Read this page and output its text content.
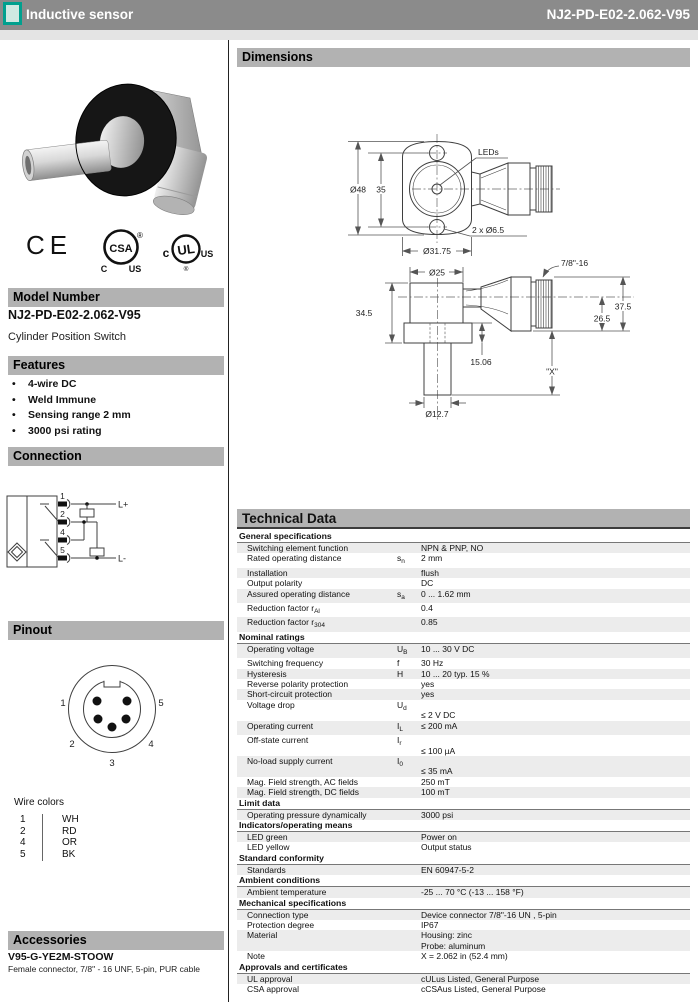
Inductive sensor	NJ2-PD-E02-2.062-V95
CE	CSA
®
C US
UL
c	US
®
Model Number
NJ2-PD-E02-2.062-V95
Cylinder Position Switch
Features
•	4-wire DC
•	Weld Immune
•	Sensing range 2 mm
•	3000 psi rating
Connection
1
2
4
5
L+
L-
Pinout
1	5
2	4
3
Wire colors
1	WH
2	RD
4	OR
5	BK
Accessories
V95-G-YE2M-STOOW
Female connector, 7/8" - 16 UNF, 5-pin, PUR cable
Dimensions
LEDs
Ø48 35
Ø31.75
2 x Ø6.5
7/8"-16
Ø25
34.5
37.5
26.5
15.06
"X"
Ø12.7
Technical Data
General specifications
Switching element function	NPN & PNP, NO
Rated operating distance	$s_n$	2 mm
Installation	flush
Output polarity	DC
Assured operating distance	$s_a$	0 ... 1.62 mm
Reduction factor $r_{Al}$	0.4
Reduction factor $r_{304}$	0.85
Nominal ratings
Operating voltage	$U_B$	10 ... 30 V DC
Switching frequency	f	30 Hz
Hysteresis	H	10 ... 20 typ. 15 %
Reverse polarity protection	yes
Short-circuit protection	yes
Voltage drop	$U_d$

≤ 2 V DC
Operating current	$I_L$	≤ 200 mA
Off-state current	$I_r$

≤ 100 µA
No-load supply current	$I_0$

≤ 35 mA
Mag. Field strength, AC fields	250 mT
Mag. Field strength, DC fields	100 mT
Limit data
Operating pressure dynamically	3000 psi
Indicators/operating means
LED green	Power on
LED yellow	Output status
Standard conformity
Standards	EN 60947-5-2
Ambient conditions
Ambient temperature	-25 ... 70 °C (-13 ... 158 °F)
Mechanical specifications
Connection type	Device connector 7/8"-16 UN , 5-pin
Protection degree	IP67
Material	Housing: zinc
Probe: aluminum
Note	X = 2.062 in (52.4 mm)
Approvals and certificates
UL approval	cULus Listed, General Purpose
CSA approval	cCSAus Listed, General Purpose
